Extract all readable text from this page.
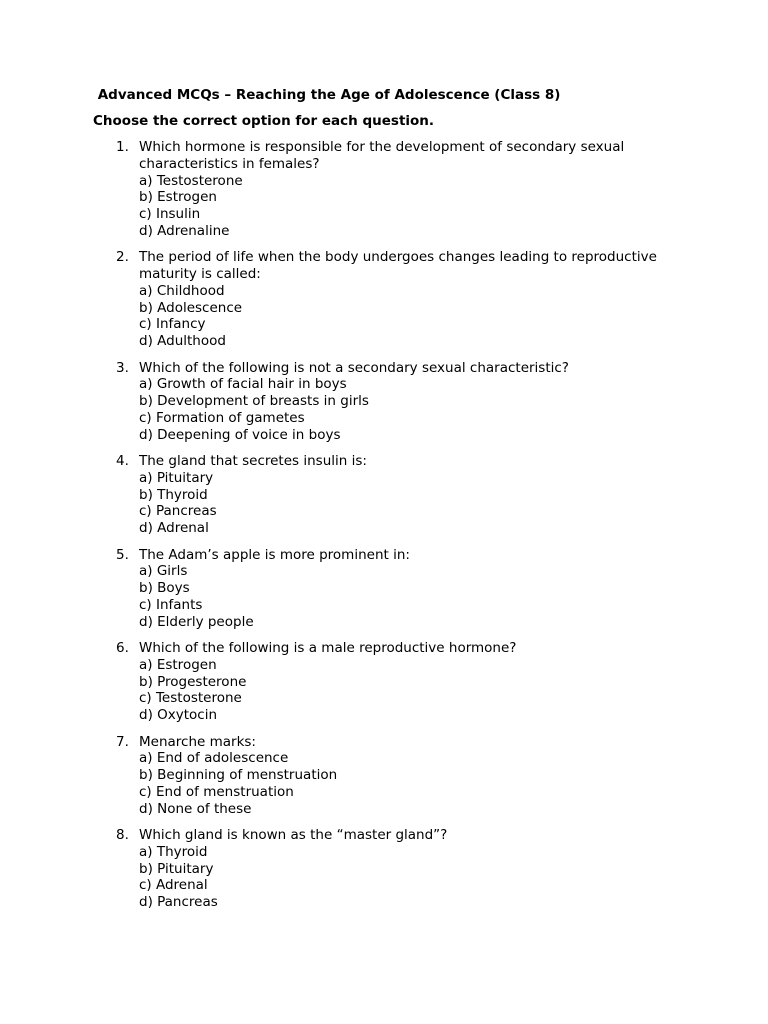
Advanced MCQs – Reaching the Age of Adolescence (Class 8)

Choose the correct option for each question.

1. Which hormone is responsible for the development of secondary sexual characteristics in females?
a) Testosterone
b) Estrogen
c) Insulin
d) Adrenaline
2. The period of life when the body undergoes changes leading to reproductive maturity is called:
a) Childhood
b) Adolescence
c) Infancy
d) Adulthood
3. Which of the following is not a secondary sexual characteristic?
a) Growth of facial hair in boys
b) Development of breasts in girls
c) Formation of gametes
d) Deepening of voice in boys
4. The gland that secretes insulin is:
a) Pituitary
b) Thyroid
c) Pancreas
d) Adrenal
5. The Adam’s apple is more prominent in:
a) Girls
b) Boys
c) Infants
d) Elderly people
6. Which of the following is a male reproductive hormone?
a) Estrogen
b) Progesterone
c) Testosterone
d) Oxytocin
7. Menarche marks:
a) End of adolescence
b) Beginning of menstruation
c) End of menstruation
d) None of these
8. Which gland is known as the “master gland”?
a) Thyroid
b) Pituitary
c) Adrenal
d) Pancreas
